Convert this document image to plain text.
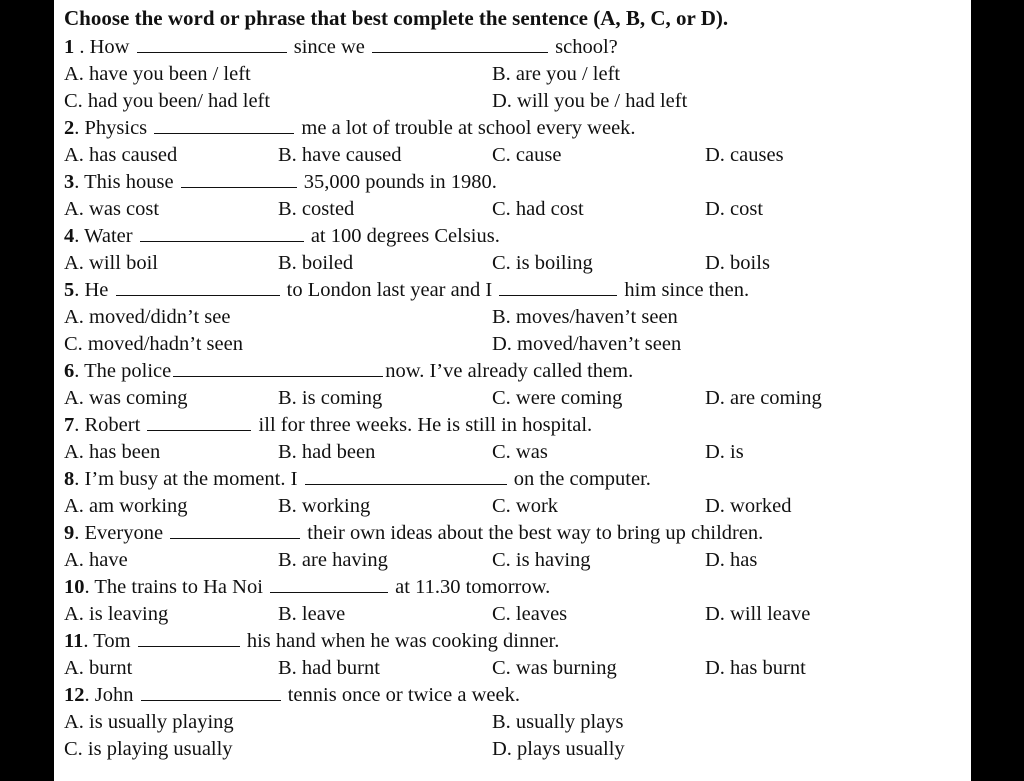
Choose the word or phrase that best complete the sentence (A, B, C, or D).
1 . How	since we	school?
A. have you been / left	B. are you / left
C. had you been/ had left	D. will you be / had left
2. Physics	me a lot of trouble at school every week.
A. has caused	B. have caused	C. cause	D. causes
3. This house	35,000 pounds in 1980.
A. was cost	B. costed	C. had cost	D. cost
4. Water	at 100 degrees Celsius.
A. will boil	B. boiled	C. is boiling	D. boils
5. He	to London last year and I	him since then.
A. moved/didn’t see	B. moves/haven’t seen
C. moved/hadn’t seen	D. moved/haven’t seen
6. The police	now. I’ve already called them.
A. was coming	B. is coming	C. were coming	D. are coming
7. Robert	ill for three weeks. He is still in hospital.
A. has been	B. had been	C. was	D. is
8. I’m busy at the moment. I	on the computer.
A. am working	B. working	C. work	D. worked
9. Everyone	their own ideas about the best way to bring up children.
A. have	B. are having	C. is having	D. has
10. The trains to Ha Noi	at 11.30 tomorrow.
A. is leaving	B. leave	C. leaves	D. will leave
11. Tom	his hand when he was cooking dinner.
A. burnt	B. had burnt	C. was burning	D. has burnt
12. John	tennis once or twice a week.
A. is usually playing	B. usually plays
C. is playing usually	D. plays usually
